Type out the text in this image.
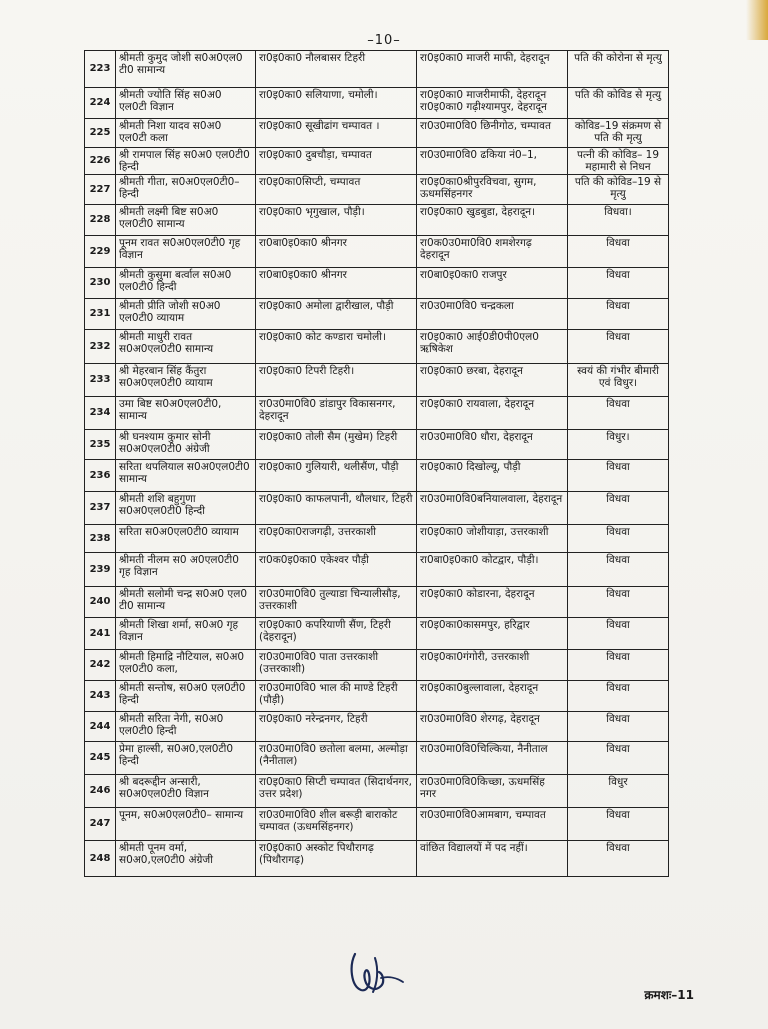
–10–
223	श्रीमती कुमुद जोशी स0अ0एल0 टी0 सामान्य	रा0इ0का0 नौलबासर टिहरी	रा0इ0का0 माजरी माफी, देहरादून	पति की कोरोना से मृत्यु
224	श्रीमती ज्योति सिंह स0अ0 एल0टी विज्ञान	रा0इ0का0 सलियाणा, चमोली।	रा0इ0का0 माजरीमाफी, देहरादून रा0इ0का0 गढ़ीश्यामपुर, देहरादून	पति की कोविड से मृत्यु
225	श्रीमती निशा यादव स0अ0 एल0टी कला	रा0इ0का0 सूखीढांग चम्पावत ।	रा0उ0मा0वि0 छिनीगोठ, चम्पावत	कोविड–19 संक्रमण से पति की मृत्यु
226	श्री रामपाल सिंह स0अ0 एल0टी0 हिन्दी	रा0इ0का0 दुबचौड़ा, चम्पावत	रा0उ0मा0वि0 ढकिया नं0–1,	पत्नी की कोविड– 19 महामारी से निधन
227	श्रीमती गीता, स0अ0एल0टी0– हिन्दी	रा0इ0का0सिप्टी, चम्पावत	रा0इ0का0श्रीपुरविचवा, सुगम, ऊधमसिंहनगर	पति की कोविड–19 से मृत्यु
228	श्रीमती लक्ष्मी बिष्ट स0अ0 एल0टी0 सामान्य	रा0इ0का0 भृगुखाल, पौड़ी।	रा0इ0का0 खुडबुडा, देहरादून।	विधवा।
229	पूनम रावत स0अ0एल0टी0 गृह विज्ञान	रा0बा0इ0का0 श्रीनगर	रा0क0उ0मा0वि0 शमशेरगढ़ देहरादून	विधवा
230	श्रीमती कुसुमा बर्त्वाल स0अ0 एल0टी0 हिन्दी	रा0बा0इ0का0 श्रीनगर	रा0बा0इ0का0 राजपुर	विधवा
231	श्रीमती प्रीति जोशी स0अ0 एल0टी0 व्यायाम	रा0इ0का0 अमोला द्वारीखाल, पौड़ी	रा0उ0मा0वि0 चन्द्रकला	विधवा
232	श्रीमती माधुरी रावत स0अ0एल0टी0 सामान्य	रा0इ0का0 कोट कण्डारा चमोली।	रा0इ0का0 आई0डी0पी0एल0 ऋषिकेश	विधवा
233	श्री मेहरबान सिंह कैंतुरा स0अ0एल0टी0 व्यायाम	रा0इ0का0 टिपरी टिहरी।	रा0इ0का0 छरबा, देहरादून	स्वयं की गंभीर बीमारी एवं विधुर।
234	उमा बिष्ट स0अ0एल0टी0, सामान्य	रा0उ0मा0वि0 डांडापुर विकासनगर, देहरादून	रा0इ0का0 रायवाला, देहरादून	विधवा
235	श्री घनश्याम कुमार सोनी स0अ0एल0टी0 अंग्रेजी	रा0इ0का0 तोली सैम (मुखेम) टिहरी	रा0उ0मा0वि0 धौरा, देहरादून	विधुर।
236	सरिता थपलियाल स0अ0एल0टी0 सामान्य	रा0इ0का0 गुलियारी, थलीसैंण, पौड़ी	रा0इ0का0 दिखोल्यू, पौड़ी	विधवा
237	श्रीमती शशि बहुगुणा स0अ0एल0टी0 हिन्दी	रा0इ0का0 काफलपानी, थौलधार, टिहरी	रा0उ0मा0वि0बनियालवाला, देहरादून	विधवा
238	सरिता स0अ0एल0टी0 व्यायाम	रा0इ0का0राजगढ़ी, उत्तरकाशी	रा0इ0का0 जोशीयाड़ा, उत्तरकाशी	विधवा
239	श्रीमती नीलम स0 अ0एल0टी0 गृह विज्ञान	रा0क0इ0का0 एकेश्वर पौड़ी	रा0बा0इ0का0 कोटद्वार, पौड़ी।	विधवा
240	श्रीमती सलोमी चन्द्र स0अ0 एल0 टी0 सामान्य	रा0उ0मा0वि0 तुल्याडा चिन्यालीसौड़, उत्तरकाशी	रा0इ0का0 कोडारना, देहरादून	विधवा
241	श्रीमती शिखा शर्मा, स0अ0 गृह विज्ञान	रा0इ0का0 कपरियाणी सैंण, टिहरी (देहरादून)	रा0इ0का0कासमपुर, हरिद्वार	विधवा
242	श्रीमती हिमाद्रि नौटियाल, स0अ0 एल0टी0 कला,	रा0उ0मा0वि0 पाता उत्तरकाशी (उत्तरकाशी)	रा0इ0का0गंगोरी, उत्तरकाशी	विधवा
243	श्रीमती सन्तोष, स0अ0 एल0टी0 हिन्दी	रा0उ0मा0वि0 भाल की माण्डे टिहरी (पौड़ी)	रा0इ0का0बुल्लावाला, देहरादून	विधवा
244	श्रीमती सरिता नेगी, स0अ0 एल0टी0 हिन्दी	रा0इ0का0 नरेन्द्रनगर, टिहरी	रा0उ0मा0वि0 शेरगढ़, देहरादून	विधवा
245	प्रेमा हाल्सी, स0अ0,एल0टी0 हिन्दी	रा0उ0मा0वि0 छतोला बलमा, अल्मोड़ा (नैनीताल)	रा0उ0मा0वि0चिल्किया, नैनीताल	विधवा
246	श्री बदरूद्दीन अन्सारी, स0अ0एल0टी0 विज्ञान	रा0इ0का0 सिप्टी चम्पावत (सिदार्थनगर, उत्तर प्रदेश)	रा0उ0मा0वि0किच्छा, ऊधमसिंह नगर	विधुर
247	पूनम, स0अ0एल0टी0– सामान्य	रा0उ0मा0वि0 शील बरूड़ी बाराकोट चम्पावत (ऊधमसिंहनगर)	रा0उ0मा0वि0आमबाग, चम्पावत	विधवा
248	श्रीमती पूनम वर्मा, स0अ0,एल0टी0 अंग्रेजी	रा0इ0का0 अस्कोट पिथौरागढ़ (पिथौरागढ़)	वांछित विद्यालयों में पद नहीं।	विधवा
क्रमशः–11
